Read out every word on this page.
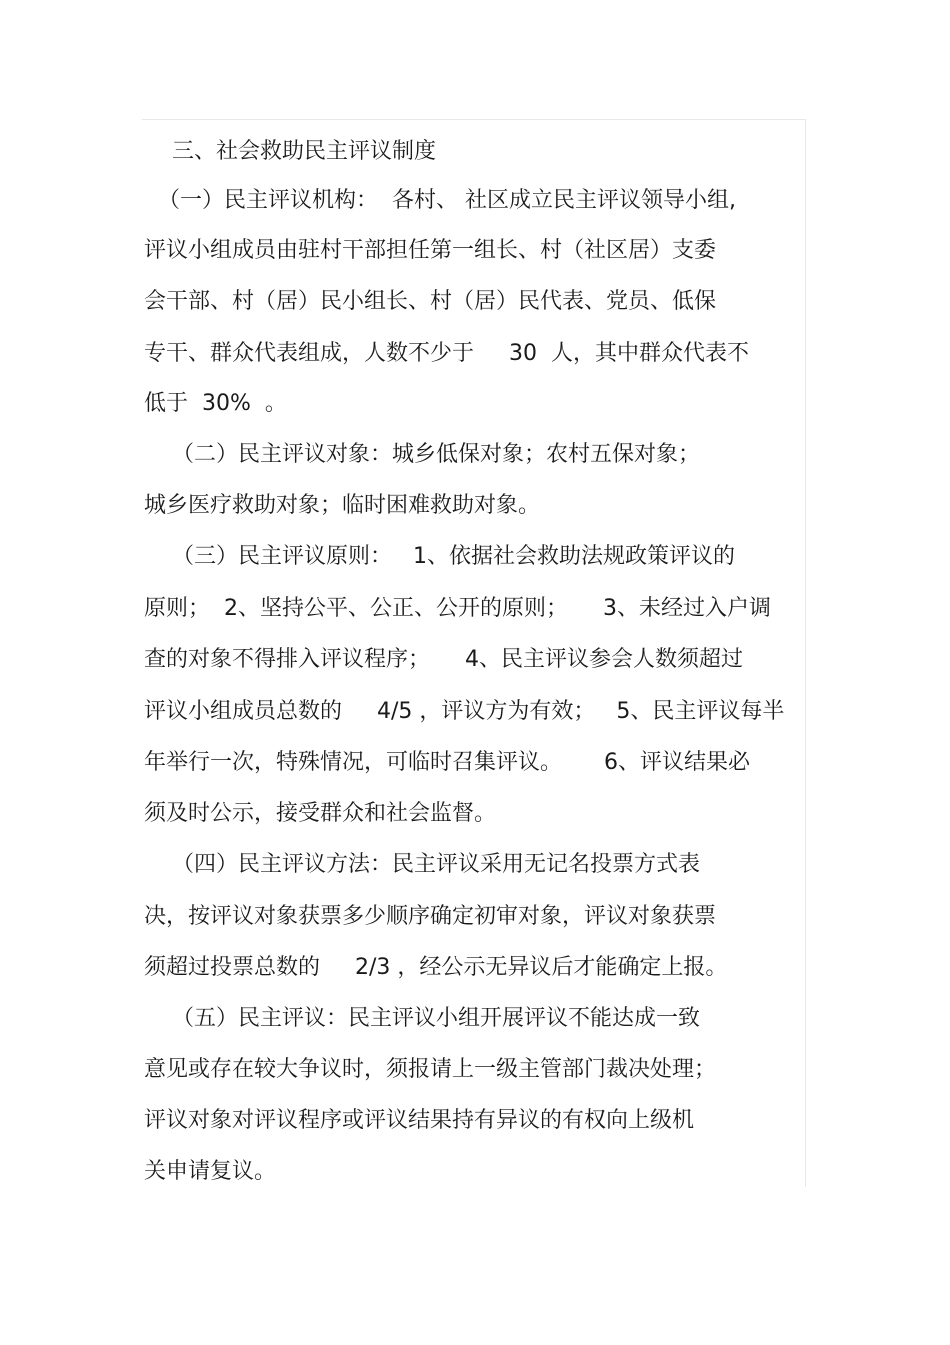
三、社会救助民主评议制度
（一）民主评议机构：  各村、 社区成立民主评议领导小组,
评议小组成员由驻村干部担任第一组长、村（社区居）支委
会干部、村（居）民小组长、村（居）民代表、党员、低保
专干、群众代表组成，人数不少于     30  人，其中群众代表不
低于  30%  。
（二）民主评议对象：城乡低保对象；农村五保对象；
城乡医疗救助对象；临时困难救助对象。
（三）民主评议原则：   1、依据社会救助法规政策评议的
原则；  2、坚持公平、公正、公开的原则；     3、未经过入户调
查的对象不得排入评议程序；     4、民主评议参会人数须超过
评议小组成员总数的     4/5 ，评议方为有效；   5、民主评议每半
年举行一次，特殊情况，可临时召集评议。      6、评议结果必
须及时公示，接受群众和社会监督。
（四）民主评议方法：民主评议采用无记名投票方式表
决，按评议对象获票多少顺序确定初审对象，评议对象获票
须超过投票总数的     2/3 ，经公示无异议后才能确定上报。
（五）民主评议：民主评议小组开展评议不能达成一致
意见或存在较大争议时，须报请上一级主管部门裁决处理；
评议对象对评议程序或评议结果持有异议的有权向上级机
关申请复议。
